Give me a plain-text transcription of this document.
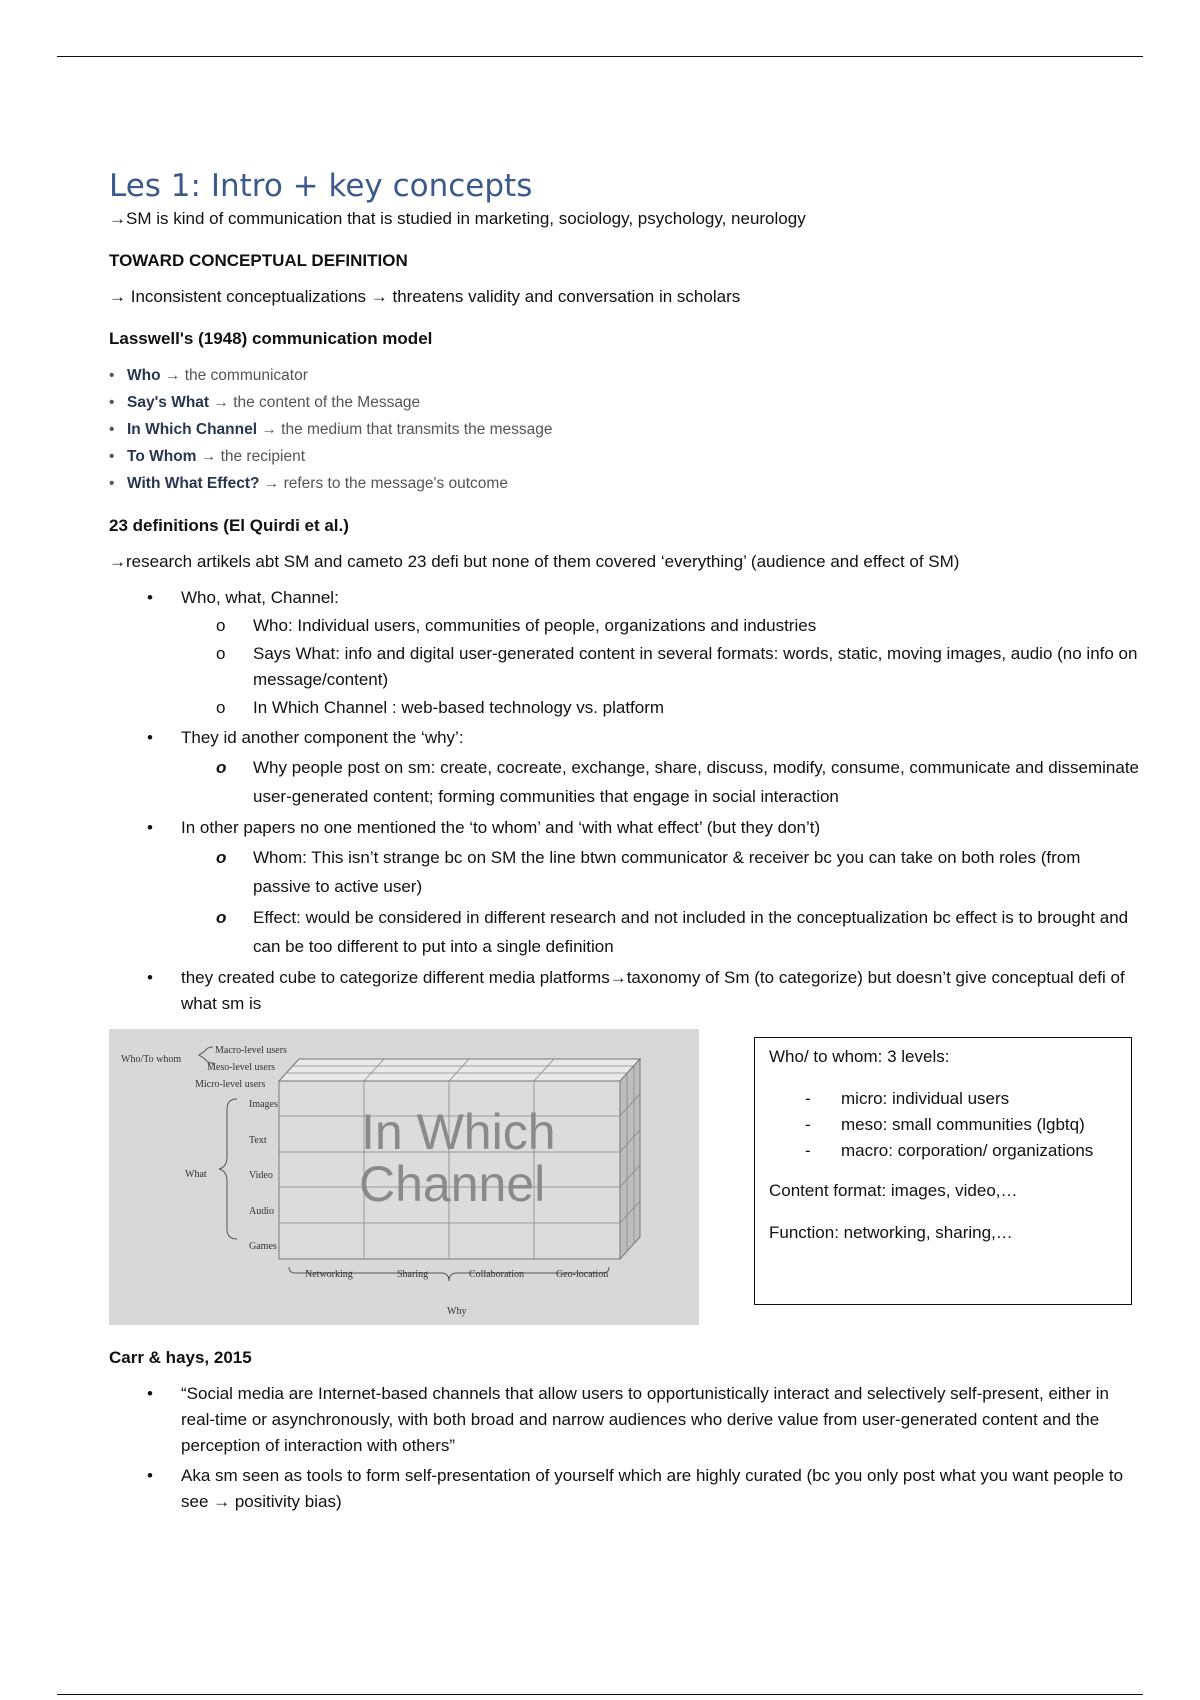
Les 1: Intro + key concepts

→SM is kind of communication that is studied in marketing, sociology, psychology, neurology

TOWARD CONCEPTUAL DEFINITION

→ Inconsistent conceptualizations → threatens validity and conversation in scholars

Lasswell's (1948) communication model
• Who → the communicator
• Say's What → the content of the Message
• In Which Channel → the medium that transmits the message
• To Whom → the recipient
• With What Effect? → refers to the message's outcome
23 definitions (El Quirdi et al.)

→research artikels abt SM and cameto 23 defi but none of them covered ‘everything’ (audience and effect of SM)

• Who, what, Channel:
o Who: Individual users, communities of people, organizations and industries
o Says What: info and digital user-generated content in several formats: words, static, moving images, audio (no info on message/content)
o In Which Channel : web-based technology vs. platform
• They id another component the ‘why’:
o Why people post on sm: create, cocreate, exchange, share, discuss, modify, consume, communicate and disseminate user-generated content; forming communities that engage in social interaction
• In other papers no one mentioned the ‘to whom’ and ‘with what effect’ (but they don’t)
o Whom: This isn’t strange bc on SM the line btwn communicator & receiver bc you can take on both roles (from passive to active user)
o Effect: would be considered in different research and not included in the conceptualization bc effect is to brought and can be too different to put into a single definition
• they created cube to categorize different media platforms→taxonomy of Sm (to categorize) but doesn’t give conceptual defi of what sm is
Who/To whom
Macro-level users
Meso-level users
Micro-level users
What
Images
Text
Video
Audio
Games
In Which
Channel
Networking	Sharing	Collaboration	Geo-location
Why

Who/ to whom: 3 levels:

- micro: individual users
- meso: small communities (lgbtq)
- macro: corporation/ organizations

Content format: images, video,…

Function: networking, sharing,…

Carr & hays, 2015
• “Social media are Internet-based channels that allow users to opportunistically interact and selectively self-present, either in real-time or asynchronously, with both broad and narrow audiences who derive value from user-generated content and the perception of interaction with others”
• Aka sm seen as tools to form self-presentation of yourself which are highly curated (bc you only post what you want people to see → positivity bias)
